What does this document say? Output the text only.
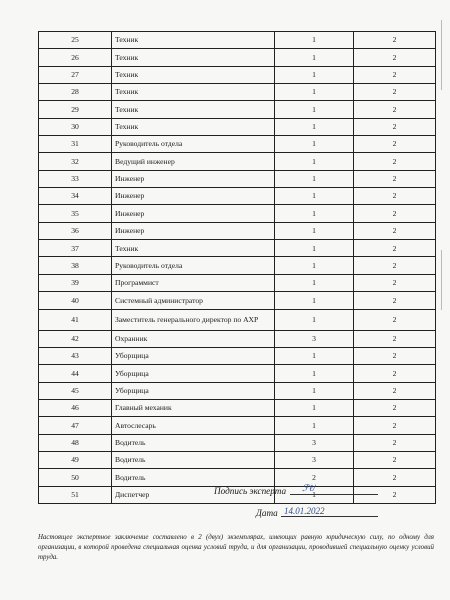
25	Техник	1	2
26	Техник	1	2
27	Техник	1	2
28	Техник	1	2
29	Техник	1	2
30	Техник	1	2
31	Руководитель отдела	1	2
32	Ведущий инженер	1	2
33	Инженер	1	2
34	Инженер	1	2
35	Инженер	1	2
36	Инженер	1	2
37	Техник	1	2
38	Руководитель отдела	1	2
39	Программист	1	2
40	Системный администратор	1	2
41	Заместитель генерального директор по АХР	1	2
42	Охранник	3	2
43	Уборщица	1	2
44	Уборщица	1	2
45	Уборщица	1	2
46	Главный механик	1	2
47	Автослесарь	1	2
48	Водитель	3	2
49	Водитель	3	2
50	Водитель	2	2
51	Диспетчер	1	2
Подпись эксперта ℱℓ/
Дата 14.01.2022
Настоящее экспертное заключение составлено в 2 (двух) экземплярах, имеющих равную юридическую силу, по одному для организации, в которой проведена специальная оценка условий труда, и для организации, проводившей специальную оценку условий труда.
